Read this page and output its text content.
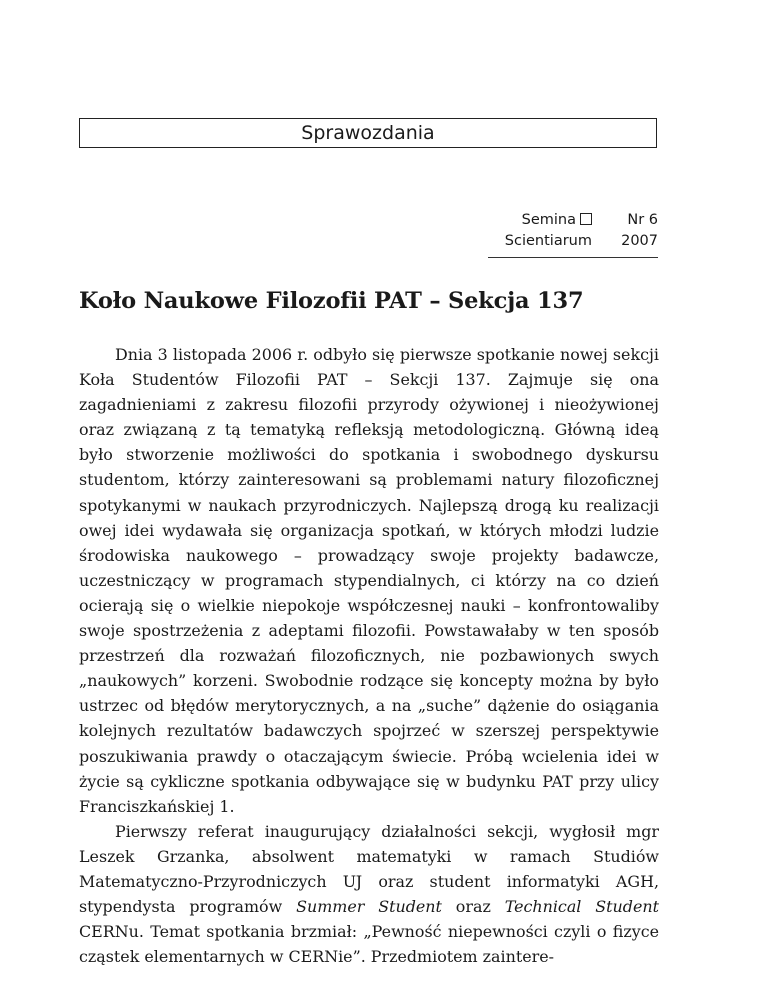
Sprawozdania
Semina	Nr 6
Scientiarum	2007
Koło Naukowe Filozofii PAT – Sekcja 137

Dnia 3 listopada 2006 r. odbyło się pierwsze spotkanie nowej sekcji Koła Studentów Filozofii PAT – Sekcji 137. Zajmuje się ona zagadnieniami z zakresu filozofii przyrody ożywionej i nieożywionej oraz związaną z tą tematyką refleksją metodologiczną. Główną ideą było stworzenie możliwości do spotkania i swobodnego dyskursu studentom, którzy zainteresowani są problemami natury filozoficznej spotykanymi w naukach przyrodniczych. Najlepszą drogą ku realizacji owej idei wydawała się organizacja spotkań, w których młodzi ludzie środowiska naukowego – prowadzący swoje projekty badawcze, uczestniczący w programach stypendialnych, ci którzy na co dzień ocierają się o wielkie niepokoje współczesnej nauki – konfrontowaliby swoje spostrzeżenia z adeptami filozofii. Powstawałaby w ten sposób przestrzeń dla rozważań filozoficznych, nie pozbawionych swych „naukowych” korzeni. Swobodnie rodzące się koncepty można by było ustrzec od błędów merytorycznych, a na „suche” dążenie do osiągania kolejnych rezultatów badawczych spojrzeć w szerszej perspektywie poszukiwania prawdy o otaczającym świecie. Próbą wcielenia idei w życie są cykliczne spotkania odbywające się w budynku PAT przy ulicy Franciszkańskiej 1.

Pierwszy referat inaugurujący działalności sekcji, wygłosił mgr Leszek Grzanka, absolwent matematyki w ramach Studiów Matematyczno-Przyrodniczych UJ oraz student informatyki AGH, stypendysta programów Summer Student oraz Technical Student CERNu. Temat spotkania brzmiał: „Pewność niepewności czyli o fizyce cząstek elementarnych w CERNie”. Przedmiotem zaintere-
